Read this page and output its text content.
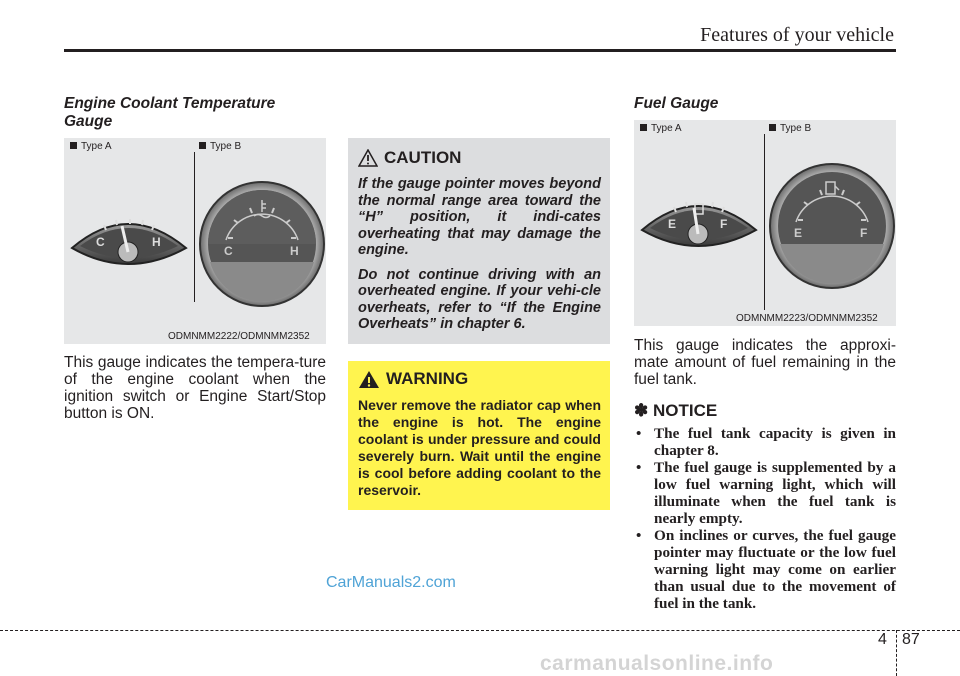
Features of your vehicle
Engine Coolant Temperature
Gauge
Type A	Type B
C	H
C	H
ODMNMM2222/ODMNMM2352
This gauge indicates the tempera-ture of the engine coolant when the ignition switch or Engine Start/Stop button is ON.
CAUTION

If the gauge pointer moves beyond the normal range area toward the “H” position, it indi-cates overheating that may damage the engine.

Do not continue driving with an overheated engine. If your vehi-cle overheats, refer to “If the Engine Overheats” in chapter 6.

WARNING

Never remove the radiator cap when the engine is hot. The engine coolant is under pressure and could severely burn. Wait until the engine is cool before adding coolant to the reservoir.

Fuel Gauge
Type A	Type B
E	F
E	F
ODMNMM2223/ODMNMM2352
This gauge indicates the approxi-mate amount of fuel remaining in the fuel tank.
✽ NOTICE
• The fuel tank capacity is given in chapter 8.
• The fuel gauge is supplemented by a low fuel warning light, which will illuminate when the fuel tank is nearly empty.
• On inclines or curves, the fuel gauge pointer may fluctuate or the low fuel warning light may come on earlier than usual due to the movement of fuel in the tank.
CarManuals2.com
4 87
carmanualsonline.info
